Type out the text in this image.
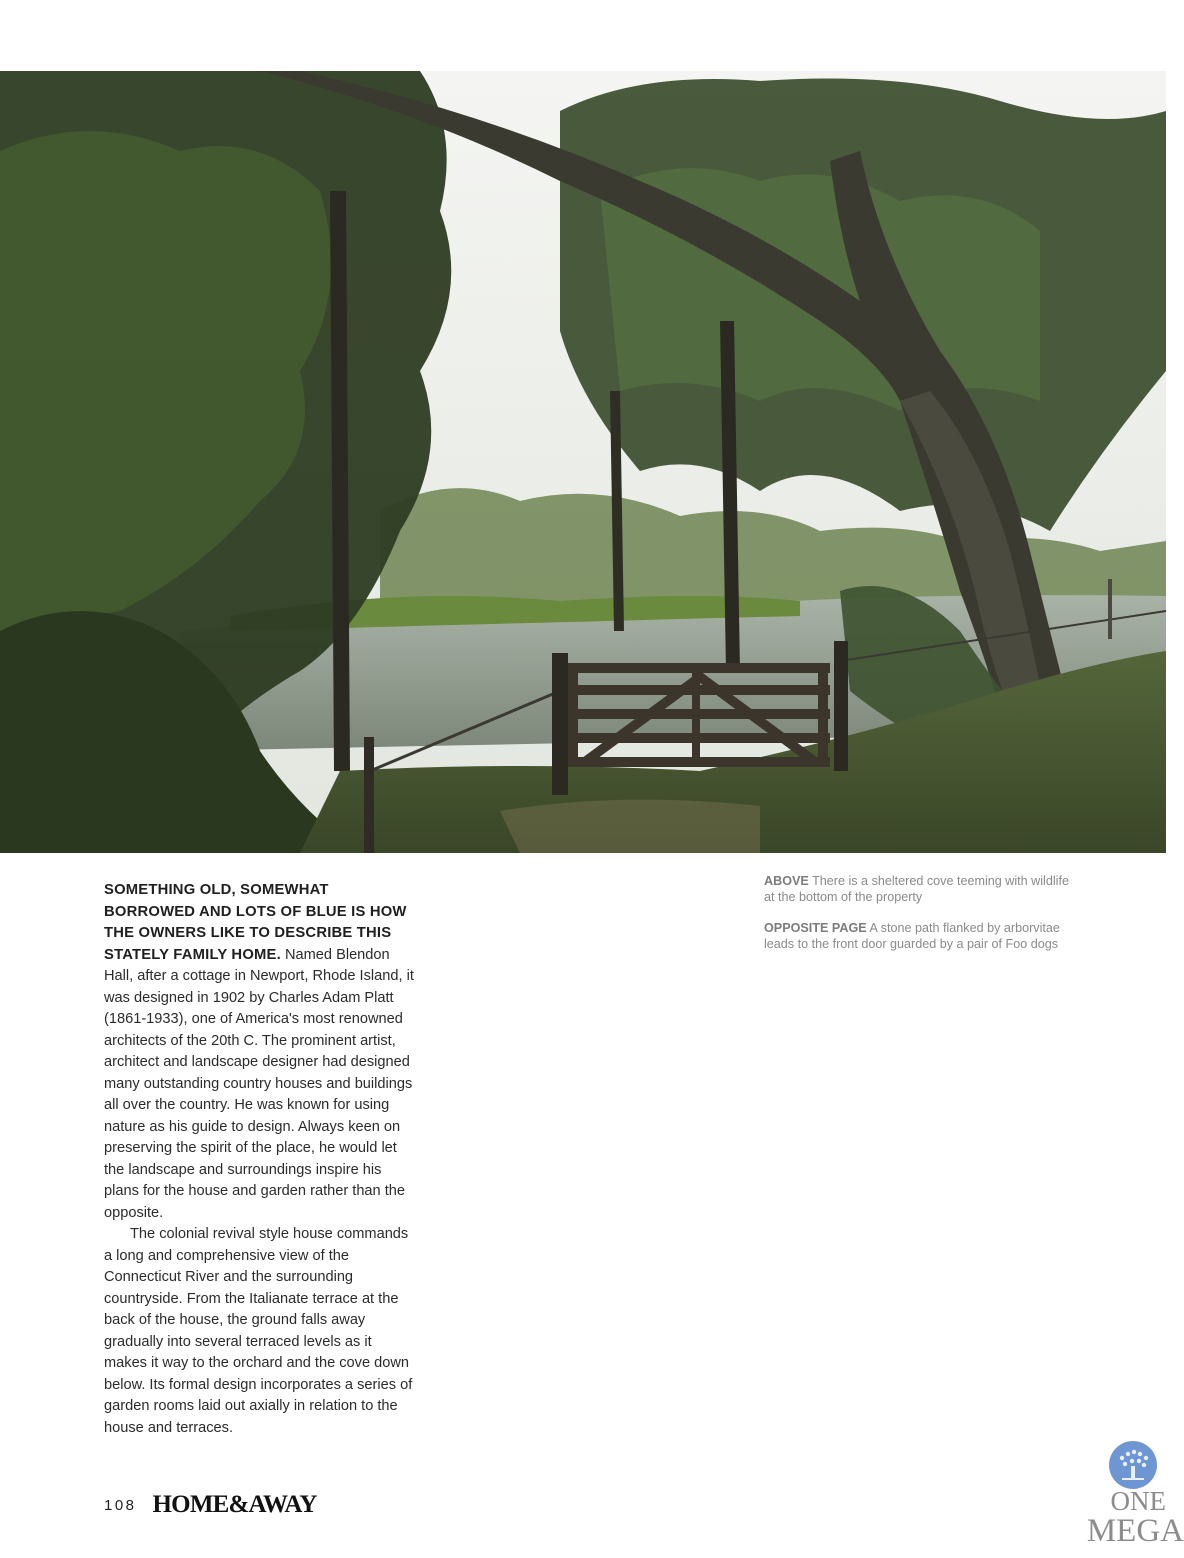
SOMETHING OLD, SOMEWHAT BORROWED AND LOTS OF BLUE IS HOW THE OWNERS LIKE TO DESCRIBE THIS STATELY FAMILY HOME. Named Blendon Hall, after a cottage in Newport, Rhode Island, it was designed in 1902 by Charles Adam Platt (1861-1933), one of America's most renowned architects of the 20th C. The prominent artist, architect and landscape designer had designed many outstanding country houses and buildings all over the country. He was known for using nature as his guide to design. Always keen on preserving the spirit of the place, he would let the landscape and surroundings inspire his plans for the house and garden rather than the opposite.

The colonial revival style house commands a long and comprehensive view of the Connecticut River and the surrounding countryside. From the Italianate terrace at the back of the house, the ground falls away gradually into several terraced levels as it makes it way to the orchard and the cove down below. Its formal design incorporates a series of garden rooms laid out axially in relation to the house and terraces.

ABOVE There is a sheltered cove teeming with wildlife at the bottom of the property

OPPOSITE PAGE A stone path flanked by arborvitae leads to the front door guarded by a pair of Foo dogs

108 HOME&AWAY	ONE
MEGA
